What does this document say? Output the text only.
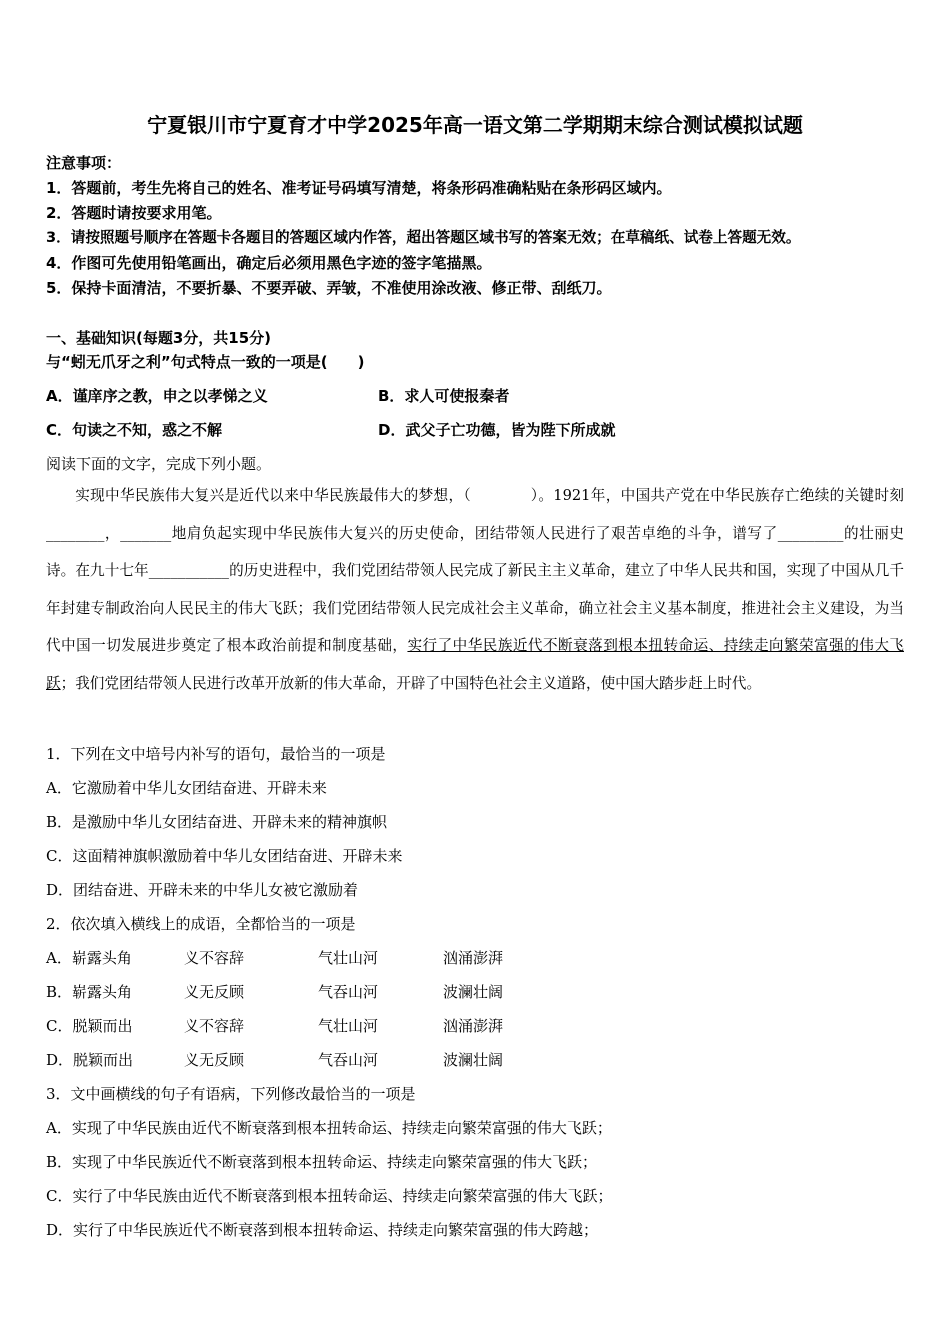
宁夏银川市宁夏育才中学2025年高一语文第二学期期末综合测试模拟试题
注意事项：
1．答题前，考生先将自己的姓名、准考证号码填写清楚，将条形码准确粘贴在条形码区域内。
2．答题时请按要求用笔。
3．请按照题号顺序在答题卡各题目的答题区域内作答，超出答题区域书写的答案无效；在草稿纸、试卷上答题无效。
4．作图可先使用铅笔画出，确定后必须用黑色字迹的签字笔描黑。
5．保持卡面清洁，不要折暴、不要弄破、弄皱，不准使用涂改液、修正带、刮纸刀。
一、基础知识(每题3分，共15分)
与“蚓无爪牙之利”句式特点一致的一项是(　　)
A．谨庠序之教，申之以孝悌之义	B．求人可使报秦者
C．句读之不知，惑之不解	D．武父子亡功德，皆为陛下所成就
阅读下面的文字，完成下列小题。
实现中华民族伟大复兴是近代以来中华民族最伟大的梦想，（　　　　）。1921年，中国共产党在中华民族存亡绝续的关键时刻________，_______地肩负起实现中华民族伟大复兴的历史使命，团结带领人民进行了艰苦卓绝的斗争，谱写了_________的壮丽史诗。在九十七年___________的历史进程中，我们党团结带领人民完成了新民主主义革命，建立了中华人民共和国，实现了中国从几千年封建专制政治向人民民主的伟大飞跃；我们党团结带领人民完成社会主义革命，确立社会主义基本制度，推进社会主义建设，为当代中国一切发展进步奠定了根本政治前提和制度基础，实行了中华民族近代不断衰落到根本扭转命运、持续走向繁荣富强的伟大飞跃；我们党团结带领人民进行改革开放新的伟大革命，开辟了中国特色社会主义道路，使中国大踏步赶上时代。
1．下列在文中培号内补写的语句，最恰当的一项是
A．它激励着中华儿女团结奋进、开辟未来
B．是激励中华儿女团结奋进、开辟未来的精神旗帜
C．这面精神旗帜激励着中华儿女团结奋进、开辟未来
D．团结奋进、开辟未来的中华儿女被它激励着
2．依次填入横线上的成语，全都恰当的一项是
A．崭露头角	义不容辞	气壮山河	汹涌澎湃
B．崭露头角	义无反顾	气吞山河	波澜壮阔
C．脱颖而出	义不容辞	气壮山河	汹涌澎湃
D．脱颖而出	义无反顾	气吞山河	波澜壮阔
3．文中画横线的句子有语病，下列修改最恰当的一项是
A．实现了中华民族由近代不断衰落到根本扭转命运、持续走向繁荣富强的伟大飞跃；
B．实现了中华民族近代不断衰落到根本扭转命运、持续走向繁荣富强的伟大飞跃；
C．实行了中华民族由近代不断衰落到根本扭转命运、持续走向繁荣富强的伟大飞跃；
D．实行了中华民族近代不断衰落到根本扭转命运、持续走向繁荣富强的伟大跨越；
